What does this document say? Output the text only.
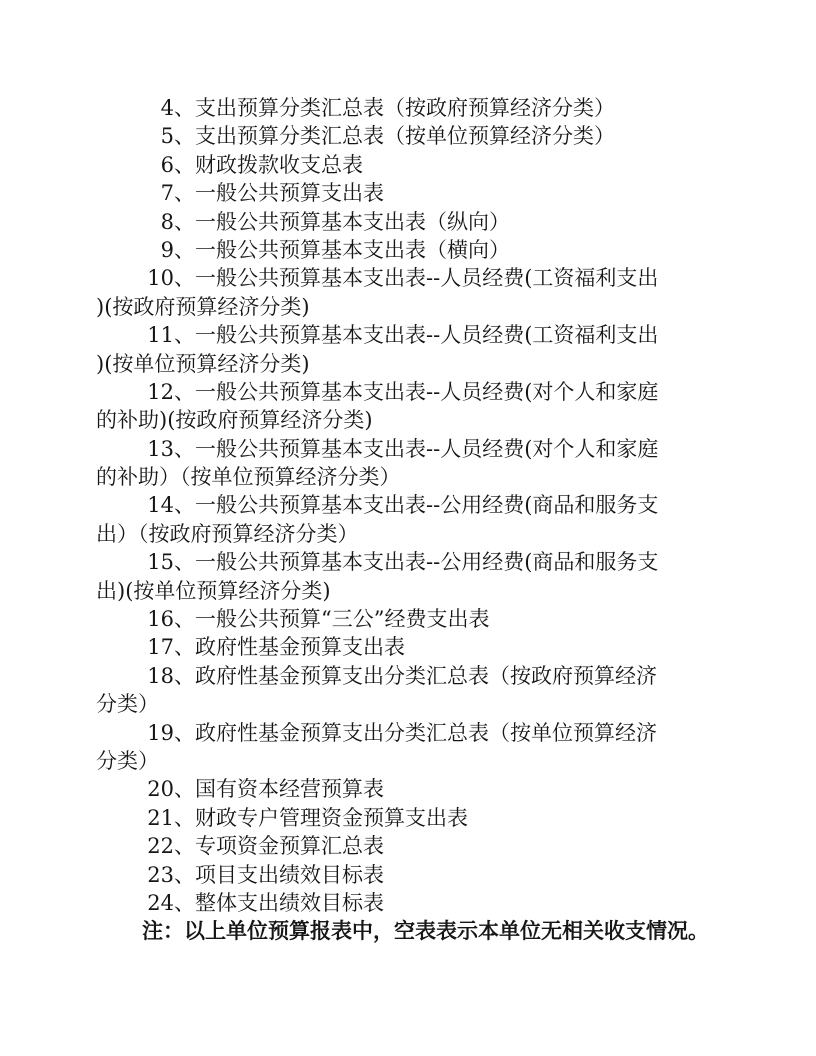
4、支出预算分类汇总表（按政府预算经济分类）
5、支出预算分类汇总表（按单位预算经济分类）
6、财政拨款收支总表
7、一般公共预算支出表
8、一般公共预算基本支出表（纵向）
9、一般公共预算基本支出表（横向）
10、一般公共预算基本支出表--人员经费(工资福利支出
)(按政府预算经济分类)
11、一般公共预算基本支出表--人员经费(工资福利支出
)(按单位预算经济分类)
12、一般公共预算基本支出表--人员经费(对个人和家庭
的补助)(按政府预算经济分类)
13、一般公共预算基本支出表--人员经费(对个人和家庭
的补助）（按单位预算经济分类）
14、一般公共预算基本支出表--公用经费(商品和服务支
出）（按政府预算经济分类）
15、一般公共预算基本支出表--公用经费(商品和服务支
出)(按单位预算经济分类)
16、一般公共预算“三公”经费支出表
17、政府性基金预算支出表
18、政府性基金预算支出分类汇总表（按政府预算经济
分类）
19、政府性基金预算支出分类汇总表（按单位预算经济
分类）
20、国有资本经营预算表
21、财政专户管理资金预算支出表
22、专项资金预算汇总表
23、项目支出绩效目标表
24、整体支出绩效目标表
注：以上单位预算报表中，空表表示本单位无相关收支情况。
